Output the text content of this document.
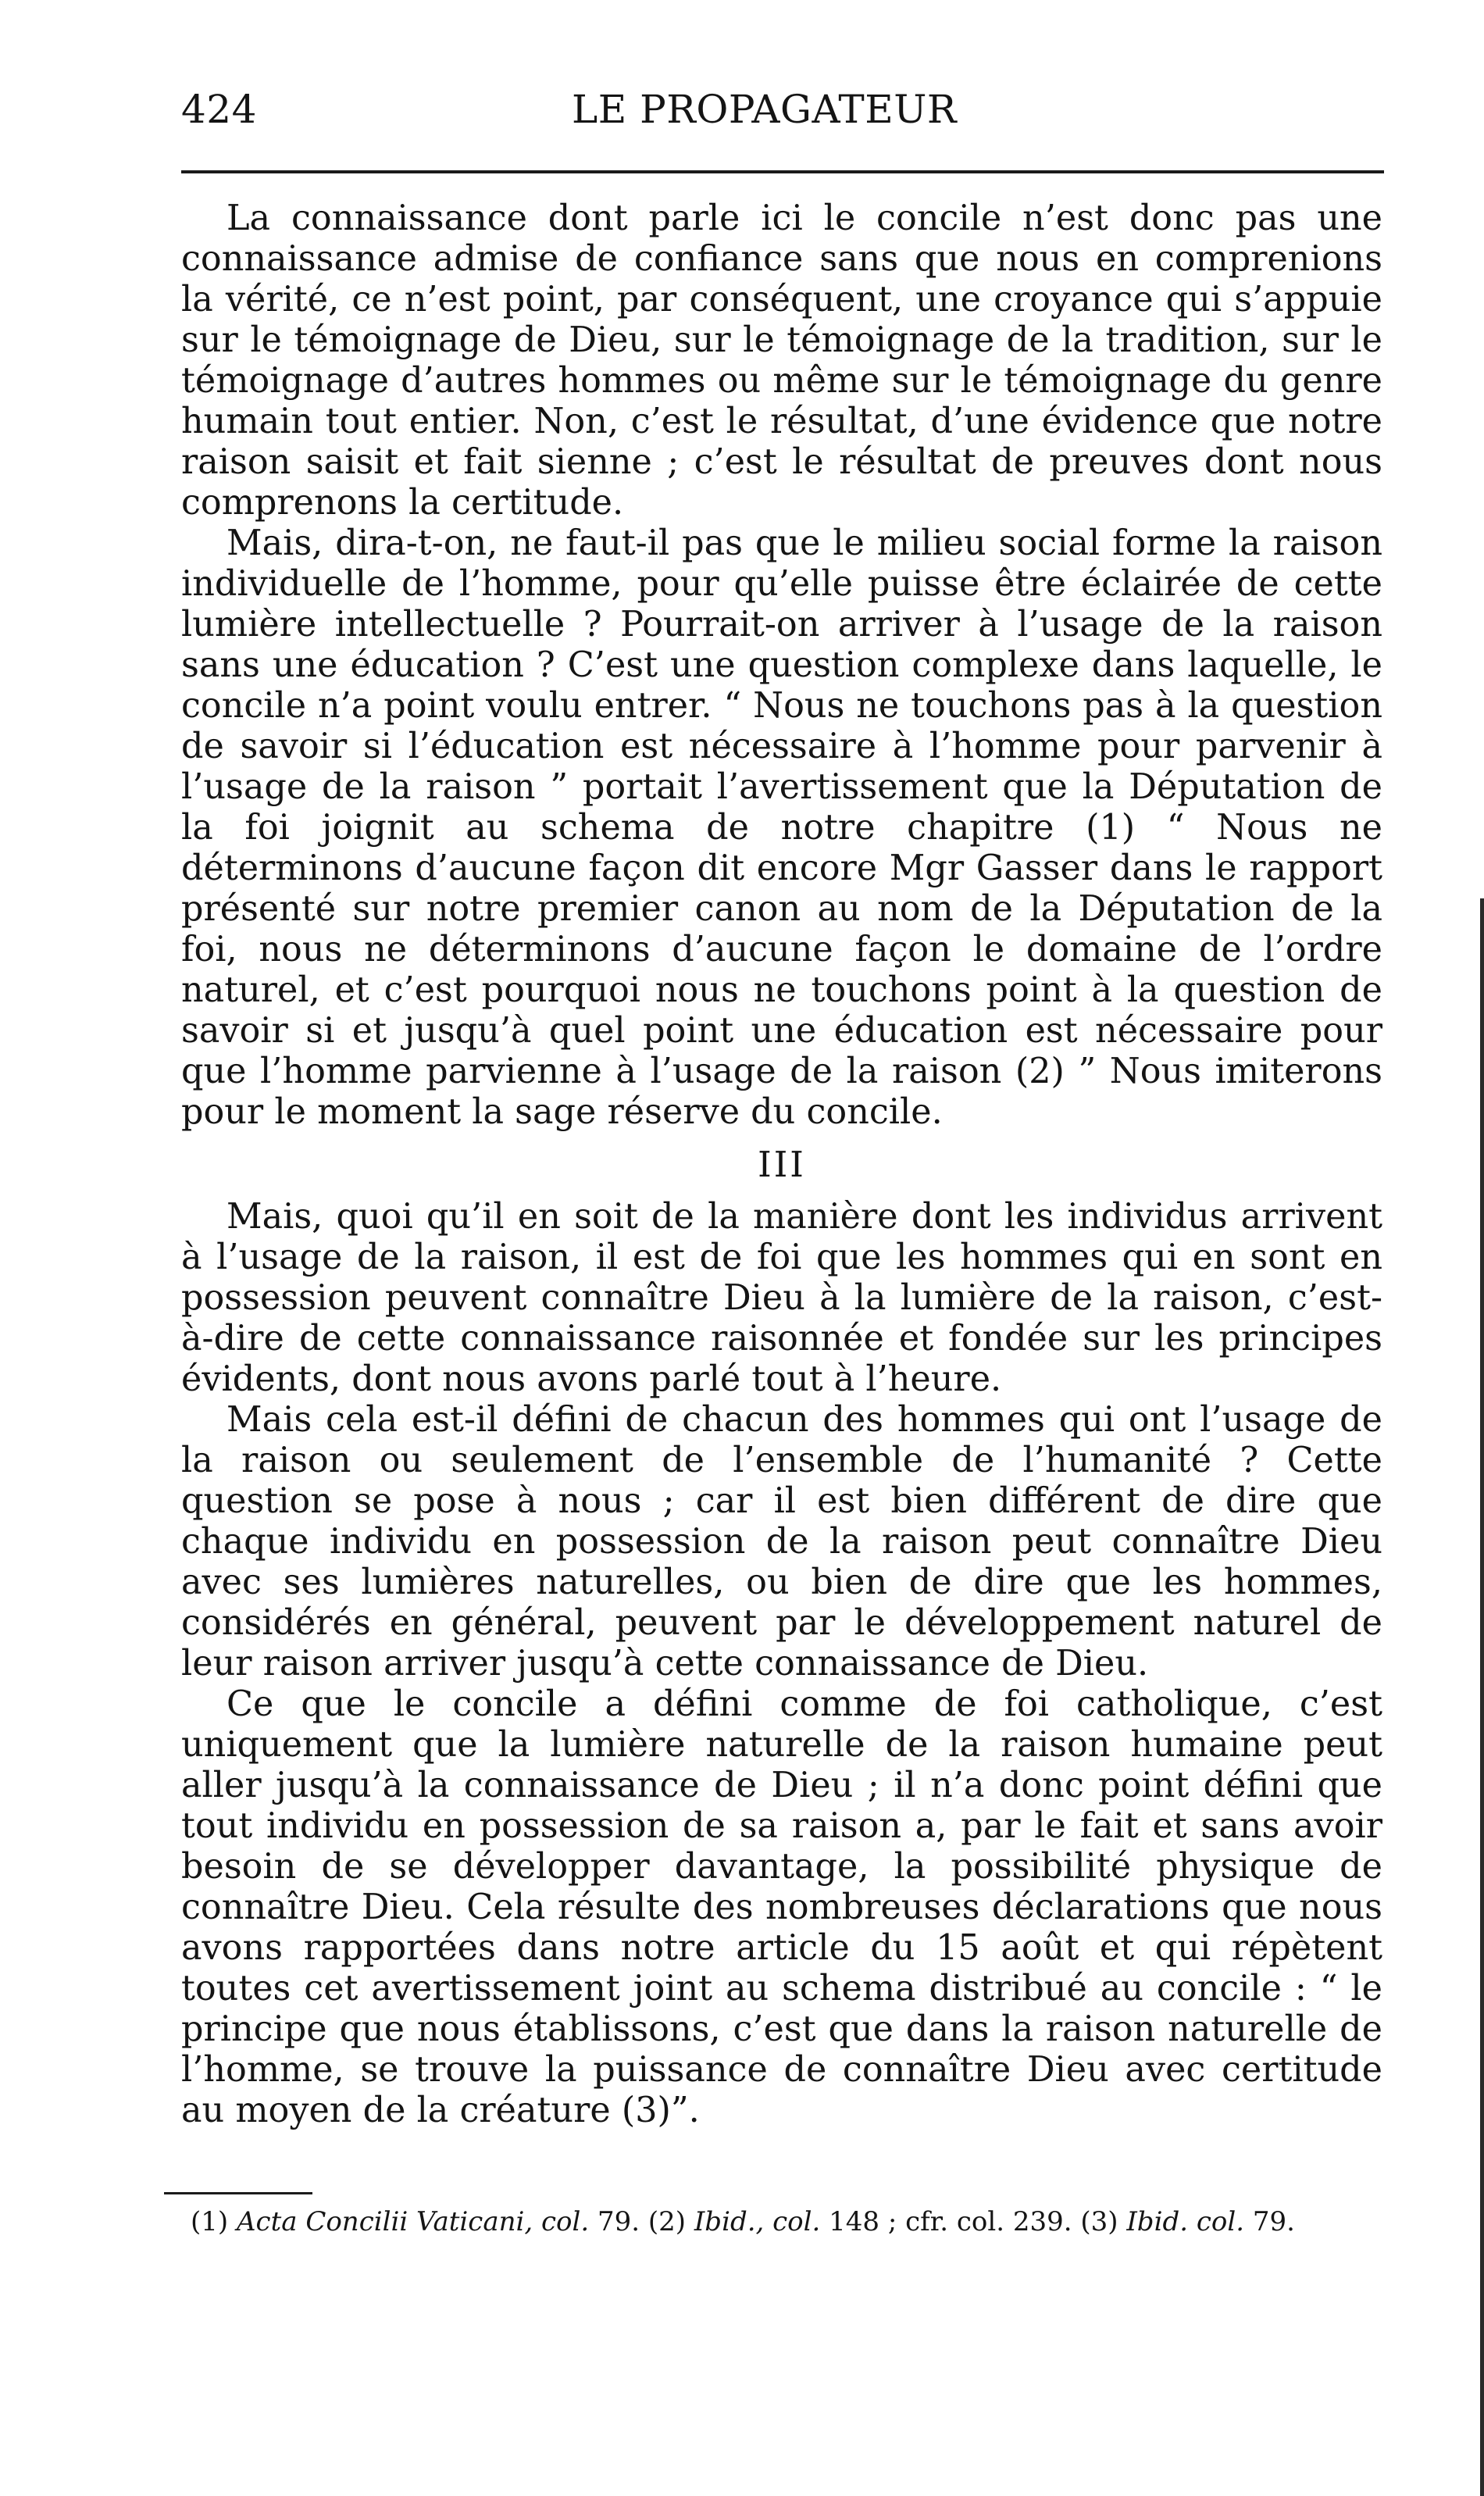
424	LE PROPAGATEUR

La connaissance dont parle ici le concile n’est donc pas une connaissance admise de confiance sans que nous en comprenions la vérité, ce n’est point, par conséquent, une croyance qui s’appuie sur le témoignage de Dieu, sur le témoignage de la tradition, sur le témoignage d’autres hommes ou même sur le témoignage du genre humain tout entier. Non, c’est le résultat, d’une évidence que notre raison saisit et fait sienne ; c’est le résultat de preuves dont nous comprenons la certitude.

Mais, dira-t-on, ne faut-il pas que le milieu social forme la raison individuelle de l’homme, pour qu’elle puisse être éclairée de cette lumière intellectuelle ? Pourrait-on arriver à l’usage de la raison sans une éducation ? C’est une question complexe dans laquelle, le concile n’a point voulu entrer. “ Nous ne touchons pas à la question de savoir si l’éducation est nécessaire à l’homme pour parvenir à l’usage de la raison ” portait l’avertissement que la Députation de la foi joignit au schema de notre chapitre (1) “ Nous ne déterminons d’aucune façon dit encore Mgr Gasser dans le rapport présenté sur notre premier canon au nom de la Députation de la foi, nous ne déterminons d’aucune façon le domaine de l’ordre naturel, et c’est pourquoi nous ne touchons point à la question de savoir si et jusqu’à quel point une éducation est nécessaire pour que l’homme parvienne à l’usage de la raison (2) ” Nous imiterons pour le moment la sage réserve du concile.

III

Mais, quoi qu’il en soit de la manière dont les individus arrivent à l’usage de la raison, il est de foi que les hommes qui en sont en possession peuvent connaître Dieu à la lumière de la raison, c’est-à-dire de cette connaissance raisonnée et fondée sur les principes évidents, dont nous avons parlé tout à l’heure.

Mais cela est-il défini de chacun des hommes qui ont l’usage de la raison ou seulement de l’ensemble de l’humanité ? Cette question se pose à nous ; car il est bien différent de dire que chaque individu en possession de la raison peut connaître Dieu avec ses lumières naturelles, ou bien de dire que les hommes, considérés en général, peuvent par le développement naturel de leur raison arriver jusqu’à cette connaissance de Dieu.

Ce que le concile a défini comme de foi catholique, c’est uniquement que la lumière naturelle de la raison humaine peut aller jusqu’à la connaissance de Dieu ; il n’a donc point défini que tout individu en possession de sa raison a, par le fait et sans avoir besoin de se développer davantage, la possibilité physique de connaître Dieu. Cela résulte des nombreuses déclarations que nous avons rapportées dans notre article du 15 août et qui répètent toutes cet avertissement joint au schema distribué au concile : “ le principe que nous établissons, c’est que dans la raison naturelle de l’homme, se trouve la puissance de connaître Dieu avec certitude au moyen de la créature (3)”.

(1) Acta Concilii Vaticani, col. 79. (2) Ibid., col. 148 ; cfr. col. 239. (3) Ibid. col. 79.
